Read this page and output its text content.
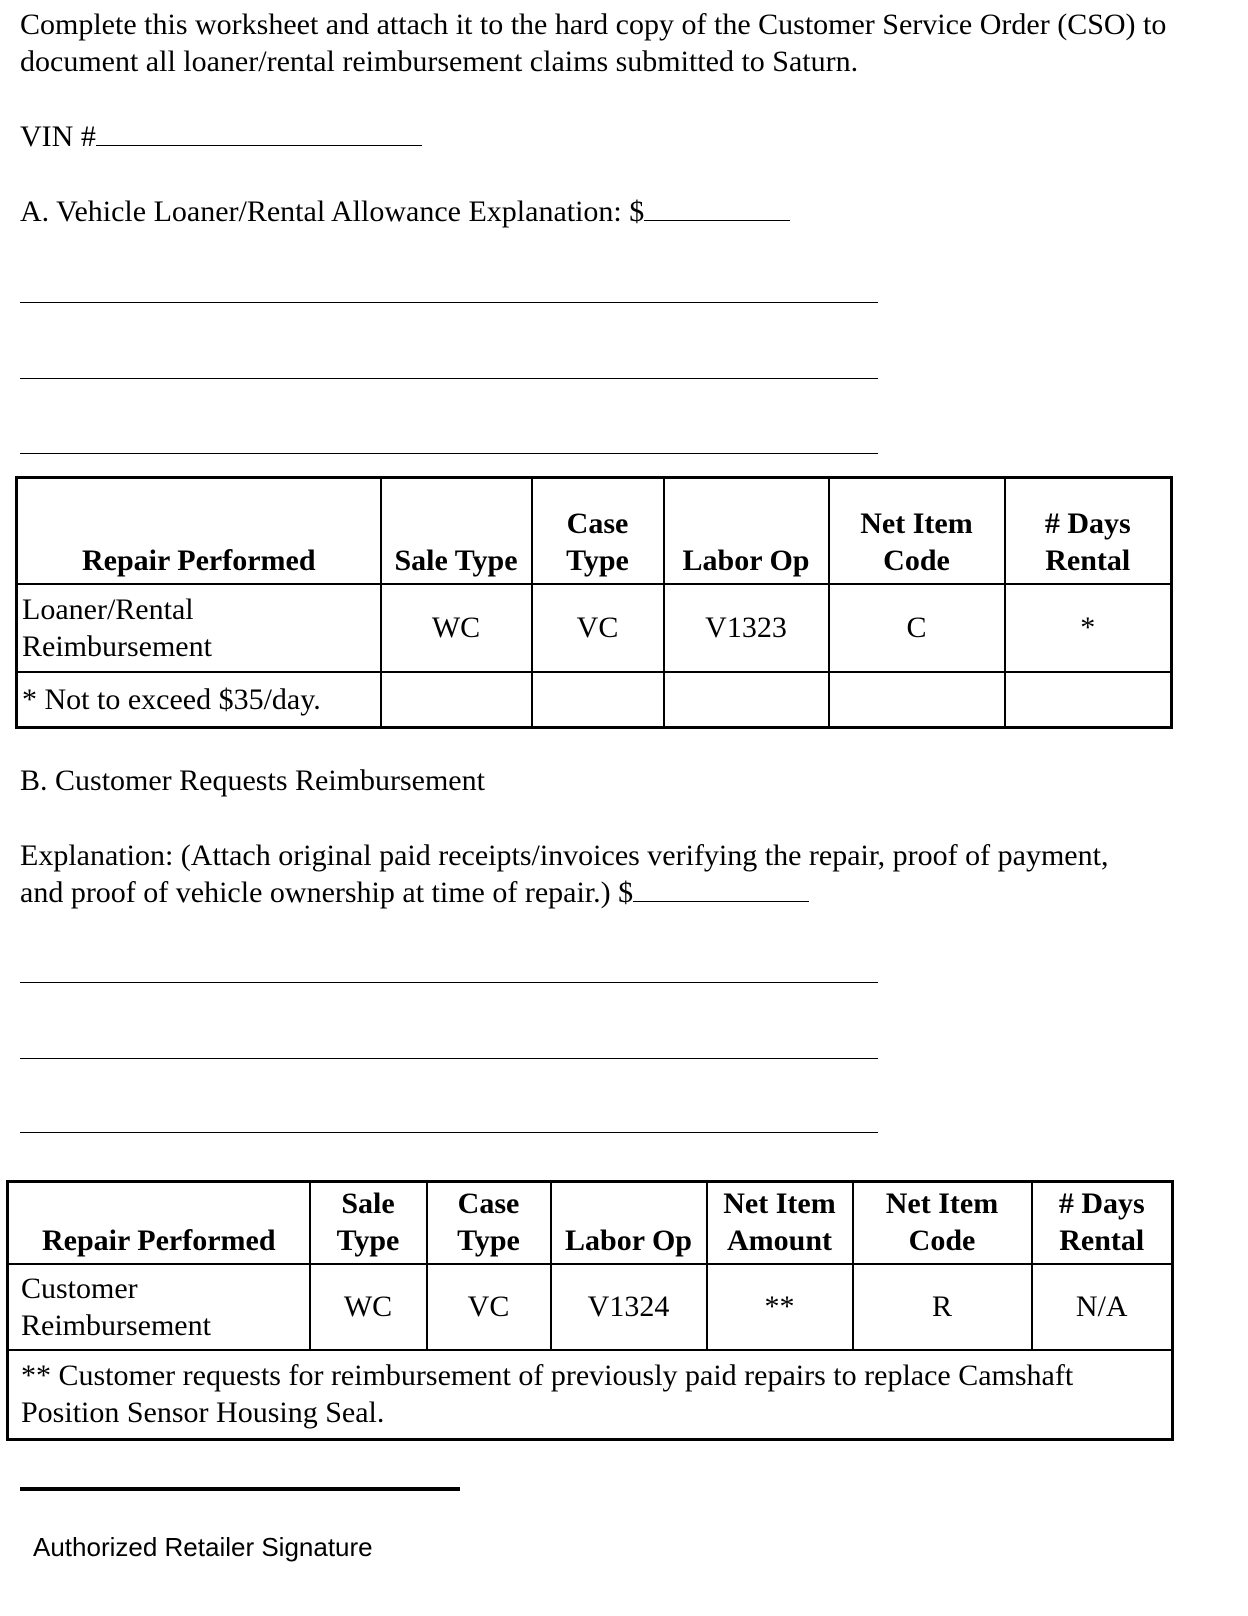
Complete this worksheet and attach it to the hard copy of the Customer Service Order (CSO) to document all loaner/rental reimbursement claims submitted to Saturn.
VIN #
A. Vehicle Loaner/Rental Allowance Explanation: $
Repair Performed	Sale Type	Case Type	Labor Op	Net Item Code	# Days Rental
Loaner/Rental Reimbursement	WC	VC	V1323	C	*
* Not to exceed $35/day.					
B. Customer Requests Reimbursement
Explanation: (Attach original paid receipts/invoices verifying the repair, proof of payment, and proof of vehicle ownership at time of repair.) $
Repair Performed	Sale Type	Case Type	Labor Op	Net Item Amount	Net Item Code	# Days Rental
Customer Reimbursement	WC	VC	V1324	**	R	N/A
** Customer requests for reimbursement of previously paid repairs to replace Camshaft Position Sensor Housing Seal.						
Authorized Retailer Signature
